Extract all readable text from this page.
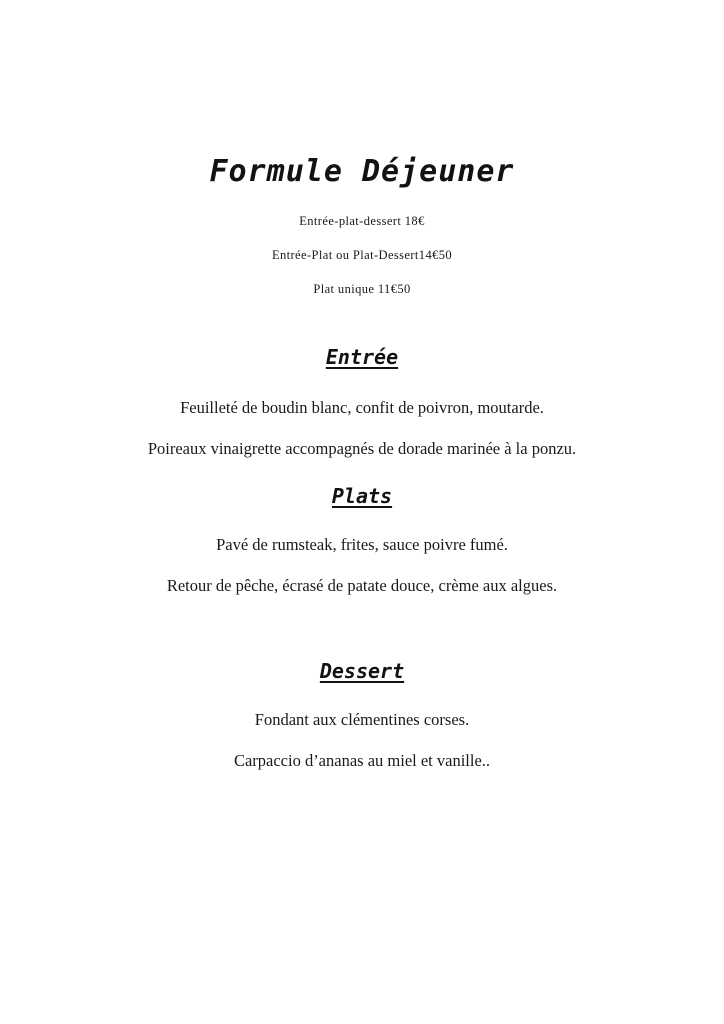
Formule Déjeuner

Entrée-plat-dessert 18€

Entrée-Plat ou Plat-Dessert14€50

Plat unique 11€50

Entrée

Feuilleté de boudin blanc, confit de poivron, moutarde.

Poireaux vinaigrette accompagnés de dorade marinée à la ponzu.

Plats

Pavé de rumsteak, frites, sauce poivre fumé.

Retour de pêche, écrasé de patate douce, crème aux algues.

Dessert

Fondant aux clémentines corses.

Carpaccio d’ananas au miel et vanille..
